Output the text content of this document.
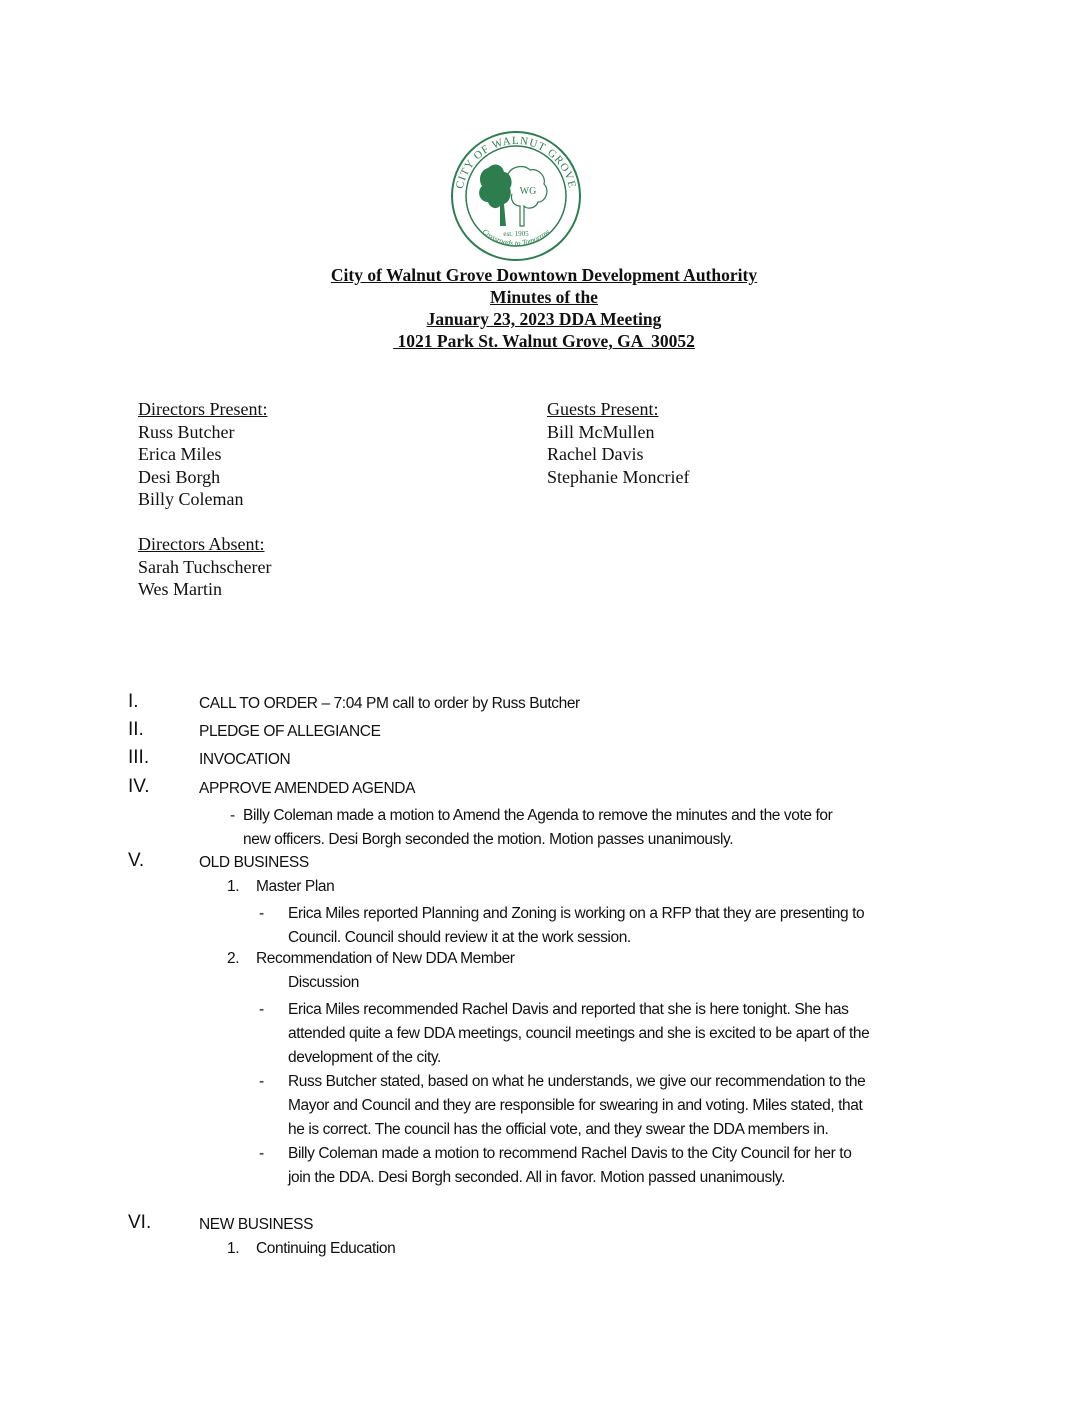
CITY OF WALNUT GROVE
Crossroads to Tomorrow
WG
est. 1905
City of Walnut Grove Downtown Development Authority
Minutes of the
January 23, 2023 DDA Meeting
1021 Park St. Walnut Grove, GA  30052
Directors Present:
Russ Butcher
Erica Miles
Desi Borgh
Billy Coleman
Guests Present:
Bill McMullen
Rachel Davis
Stephanie Moncrief
Directors Absent:
Sarah Tuchscherer
Wes Martin
I.	CALL TO ORDER – 7:04 PM call to order by Russ Butcher
II.	PLEDGE OF ALLEGIANCE
III.	INVOCATION
IV.	APPROVE AMENDED AGENDA
- Billy Coleman made a motion to Amend the Agenda to remove the minutes and the vote for
new officers. Desi Borgh seconded the motion. Motion passes unanimously.
V.	OLD BUSINESS
1. Master Plan
- Erica Miles reported Planning and Zoning is working on a RFP that they are presenting to
Council. Council should review it at the work session.
2. Recommendation of New DDA Member
Discussion
- Erica Miles recommended Rachel Davis and reported that she is here tonight. She has
attended quite a few DDA meetings, council meetings and she is excited to be apart of the
development of the city.
- Russ Butcher stated, based on what he understands, we give our recommendation to the
Mayor and Council and they are responsible for swearing in and voting. Miles stated, that
he is correct. The council has the official vote, and they swear the DDA members in.
- Billy Coleman made a motion to recommend Rachel Davis to the City Council for her to
join the DDA. Desi Borgh seconded. All in favor. Motion passed unanimously.
VI.	NEW BUSINESS
1. Continuing Education
